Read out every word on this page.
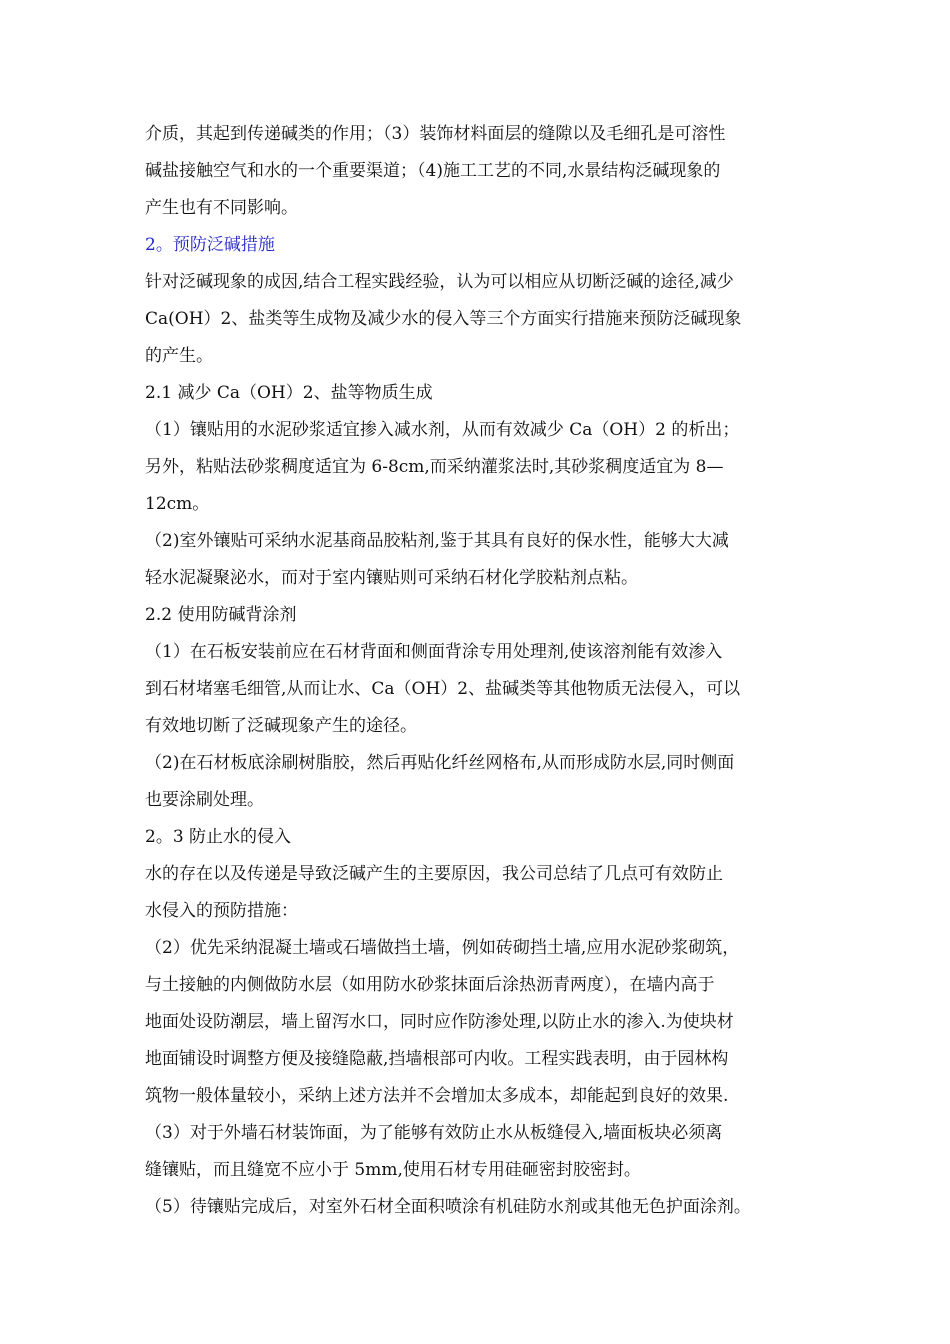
介质，其起到传递碱类的作用；（3）装饰材料面层的缝隙以及毛细孔是可溶性
碱盐接触空气和水的一个重要渠道；（4)施工工艺的不同,水景结构泛碱现象的
产生也有不同影响。
2。预防泛碱措施
针对泛碱现象的成因,结合工程实践经验，认为可以相应从切断泛碱的途径,减少
Ca(OH）2、盐类等生成物及减少水的侵入等三个方面实行措施来预防泛碱现象
的产生。
2.1 减少 Ca（OH）2、盐等物质生成
（1）镶贴用的水泥砂浆适宜掺入减水剂，从而有效减少 Ca（OH）2 的析出；
另外，粘贴法砂浆稠度适宜为 6-8cm,而采纳灌浆法时,其砂浆稠度适宜为 8—
12cm。
（2)室外镶贴可采纳水泥基商品胶粘剂,鉴于其具有良好的保水性，能够大大减
轻水泥凝聚泌水，而对于室内镶贴则可采纳石材化学胶粘剂点粘。
2.2 使用防碱背涂剂
（1）在石板安装前应在石材背面和侧面背涂专用处理剂,使该溶剂能有效渗入
到石材堵塞毛细管,从而让水、Ca（OH）2、盐碱类等其他物质无法侵入，可以
有效地切断了泛碱现象产生的途径。
（2)在石材板底涂刷树脂胶，然后再贴化纤丝网格布,从而形成防水层,同时侧面
也要涂刷处理。
2。3 防止水的侵入
水的存在以及传递是导致泛碱产生的主要原因，我公司总结了几点可有效防止
水侵入的预防措施：
（2）优先采纳混凝土墙或石墙做挡土墙，例如砖砌挡土墙,应用水泥砂浆砌筑，
与土接触的内侧做防水层（如用防水砂浆抹面后涂热沥青两度），在墙内高于
地面处设防潮层，墙上留泻水口，同时应作防渗处理,以防止水的渗入.为使块材
地面铺设时调整方便及接缝隐蔽,挡墙根部可内收。工程实践表明，由于园林构
筑物一般体量较小，采纳上述方法并不会增加太多成本，却能起到良好的效果.
（3）对于外墙石材装饰面，为了能够有效防止水从板缝侵入,墙面板块必须离
缝镶贴，而且缝宽不应小于 5mm,使用石材专用硅砸密封胶密封。
（5）待镶贴完成后，对室外石材全面积喷涂有机硅防水剂或其他无色护面涂剂。
